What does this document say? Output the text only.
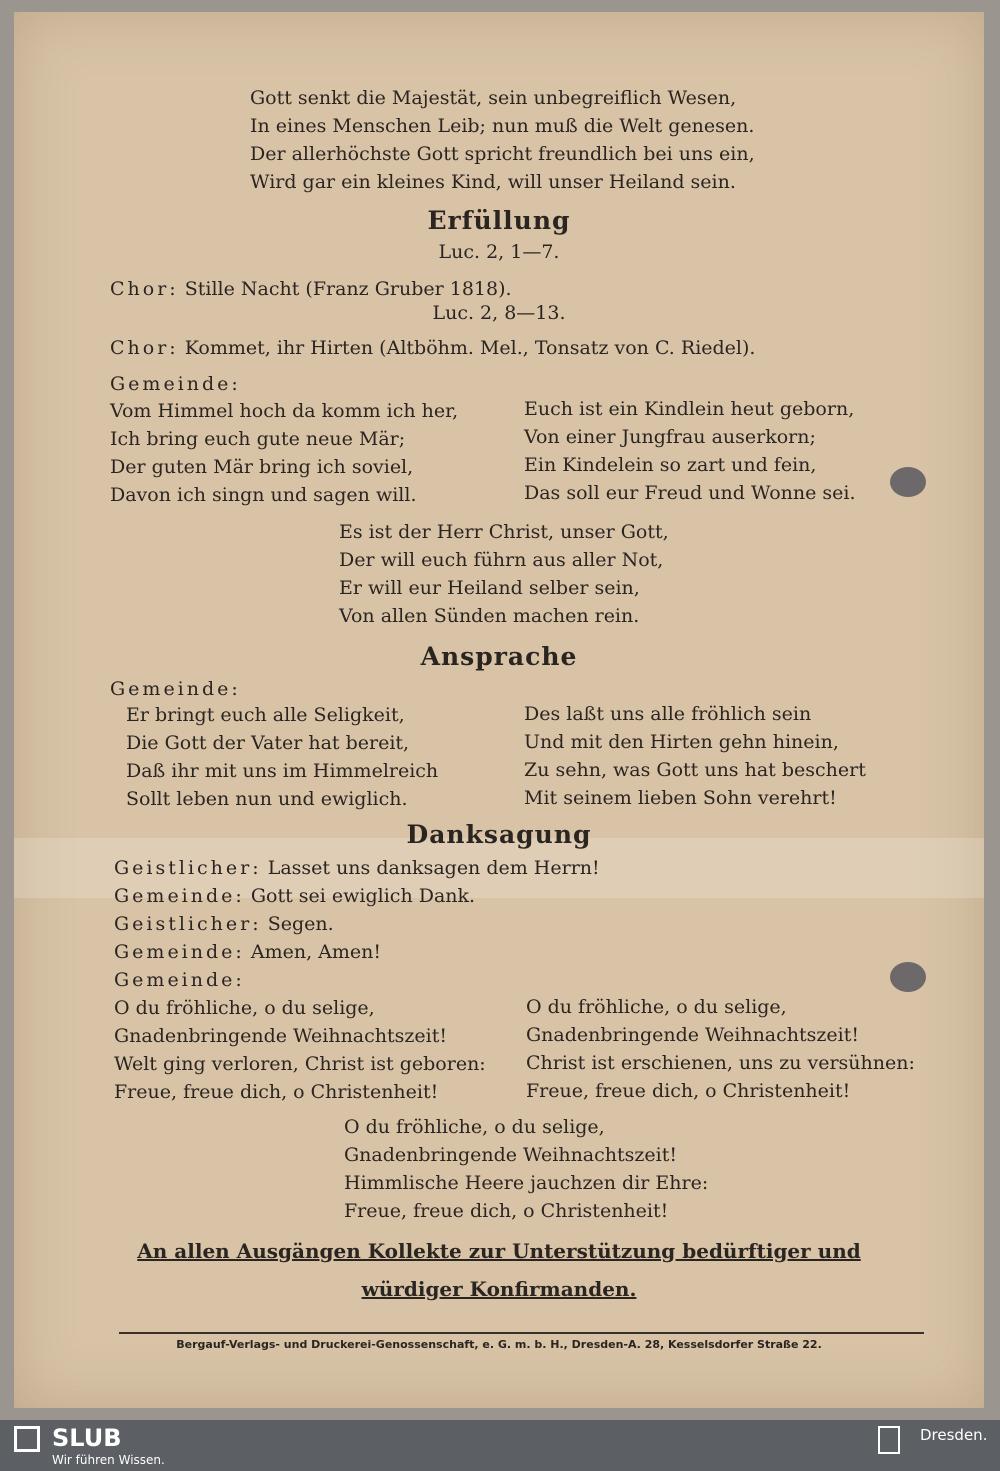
Gott senkt die Majestät, sein unbegreiflich Wesen,
In eines Menschen Leib; nun muß die Welt genesen.
Der allerhöchste Gott spricht freundlich bei uns ein,
Wird gar ein kleines Kind, will unser Heiland sein.
Erfüllung
Luc. 2, 1—7.
Chor: Stille Nacht (Franz Gruber 1818).
Luc. 2, 8—13.
Chor: Kommet, ihr Hirten (Altböhm. Mel., Tonsatz von C. Riedel).
Gemeinde:
Vom Himmel hoch da komm ich her,
Ich bring euch gute neue Mär;
Der guten Mär bring ich soviel,
Davon ich singn und sagen will.
Euch ist ein Kindlein heut geborn,
Von einer Jungfrau auserkorn;
Ein Kindelein so zart und fein,
Das soll eur Freud und Wonne sei.
Es ist der Herr Christ, unser Gott,
Der will euch führn aus aller Not,
Er will eur Heiland selber sein,
Von allen Sünden machen rein.
Ansprache
Gemeinde:
Er bringt euch alle Seligkeit,
Die Gott der Vater hat bereit,
Daß ihr mit uns im Himmelreich
Sollt leben nun und ewiglich.
Des laßt uns alle fröhlich sein
Und mit den Hirten gehn hinein,
Zu sehn, was Gott uns hat beschert
Mit seinem lieben Sohn verehrt!
Danksagung
Geistlicher: Lasset uns danksagen dem Herrn!
Gemeinde: Gott sei ewiglich Dank.
Geistlicher: Segen.
Gemeinde: Amen, Amen!
Gemeinde:
O du fröhliche, o du selige,
Gnadenbringende Weihnachtszeit!
Welt ging verloren, Christ ist geboren:
Freue, freue dich, o Christenheit!
O du fröhliche, o du selige,
Gnadenbringende Weihnachtszeit!
Christ ist erschienen, uns zu versühnen:
Freue, freue dich, o Christenheit!
O du fröhliche, o du selige,
Gnadenbringende Weihnachtszeit!
Himmlische Heere jauchzen dir Ehre:
Freue, freue dich, o Christenheit!
An allen Ausgängen Kollekte zur Unterstützung bedürftiger und
würdiger Konfirmanden.
Bergauf-Verlags- und Druckerei-Genossenschaft, e. G. m. b. H., Dresden-A. 28, Kesselsdorfer Straße 22.
SLUB
Wir führen Wissen.
Dresden.
